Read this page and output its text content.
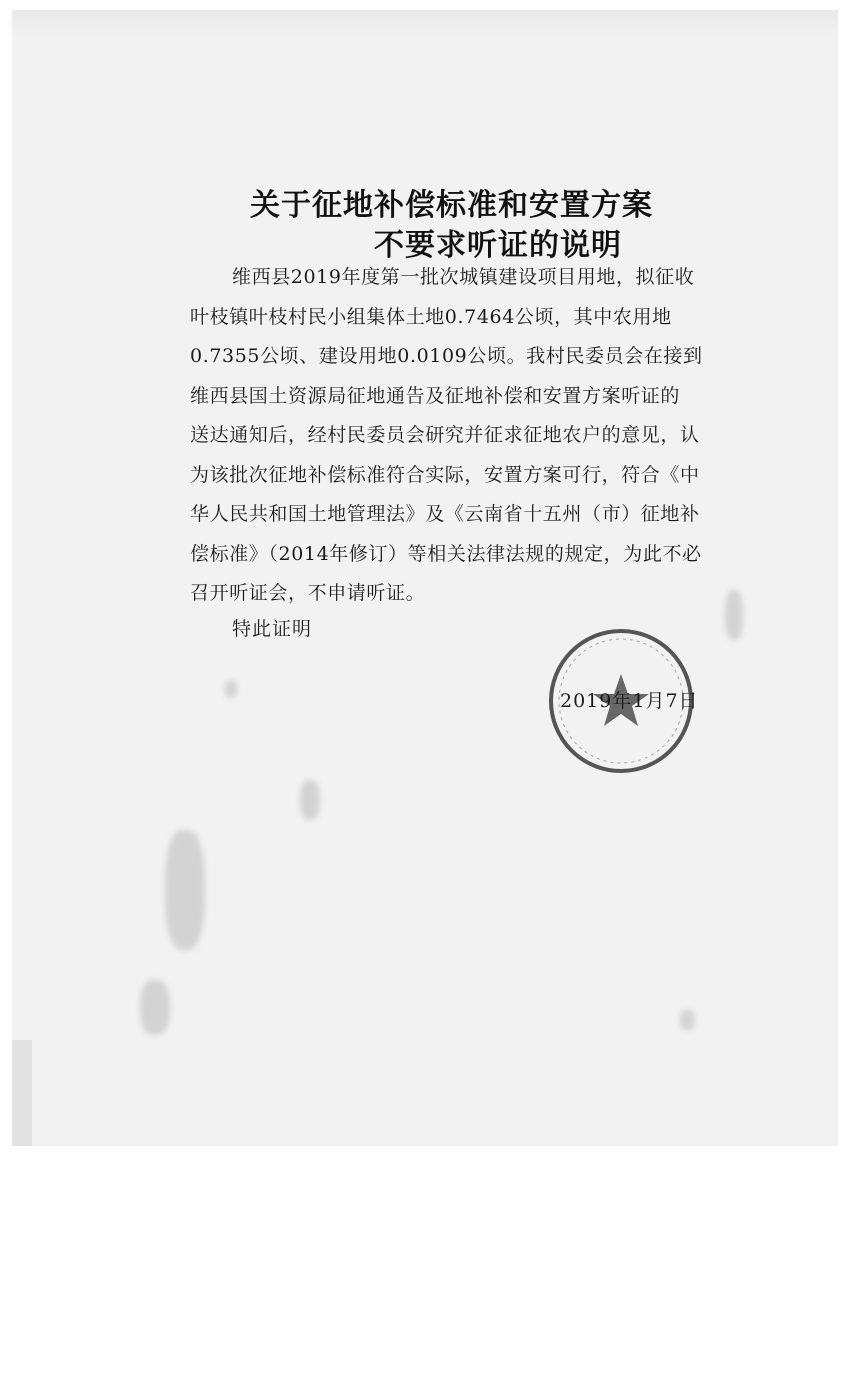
关于征地补偿标准和安置方案
不要求听证的说明

维西县2019年度第一批次城镇建设项目用地，拟征收
叶枝镇叶枝村民小组集体土地0.7464公顷，其中农用地
0.7355公顷、建设用地0.0109公顷。我村民委员会在接到
维西县国土资源局征地通告及征地补偿和安置方案听证的
送达通知后，经村民委员会研究并征求征地农户的意见，认
为该批次征地补偿标准符合实际，安置方案可行，符合《中
华人民共和国土地管理法》及《云南省十五州（市）征地补
偿标准》（2014年修订）等相关法律法规的规定，为此不必
召开听证会，不申请听证。

特此证明
2019年1月7日
